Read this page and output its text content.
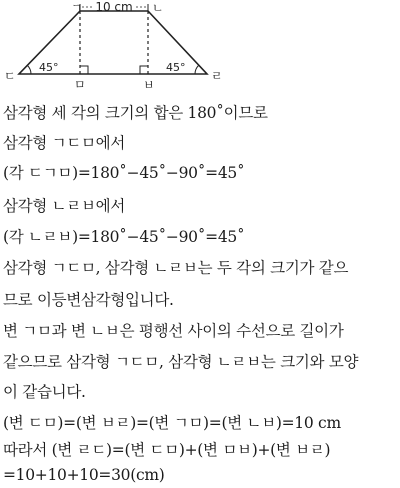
10 cm
ㄱ	ㄴ
ㄷ	ㄹ
ㅁ	ㅂ
45°	45°
삼각형 세 각의 크기의 합은 180˚이므로
삼각형 ㄱㄷㅁ에서
(각 ㄷㄱㅁ)=180˚−45˚−90˚=45˚
삼각형 ㄴㄹㅂ에서
(각 ㄴㄹㅂ)=180˚−45˚−90˚=45˚
삼각형 ㄱㄷㅁ, 삼각형 ㄴㄹㅂ는 두 각의 크기가 같으
므로 이등변삼각형입니다.
변 ㄱㅁ과 변 ㄴㅂ은 평행선 사이의 수선으로 길이가
같으므로 삼각형 ㄱㄷㅁ, 삼각형 ㄴㄹㅂ는 크기와 모양
이 같습니다.
(변 ㄷㅁ)=(변 ㅂㄹ)=(변 ㄱㅁ)=(변 ㄴㅂ)=10 cm
따라서 (변 ㄹㄷ)=(변 ㄷㅁ)+(변 ㅁㅂ)+(변 ㅂㄹ)
=10+10+10=30(cm)
